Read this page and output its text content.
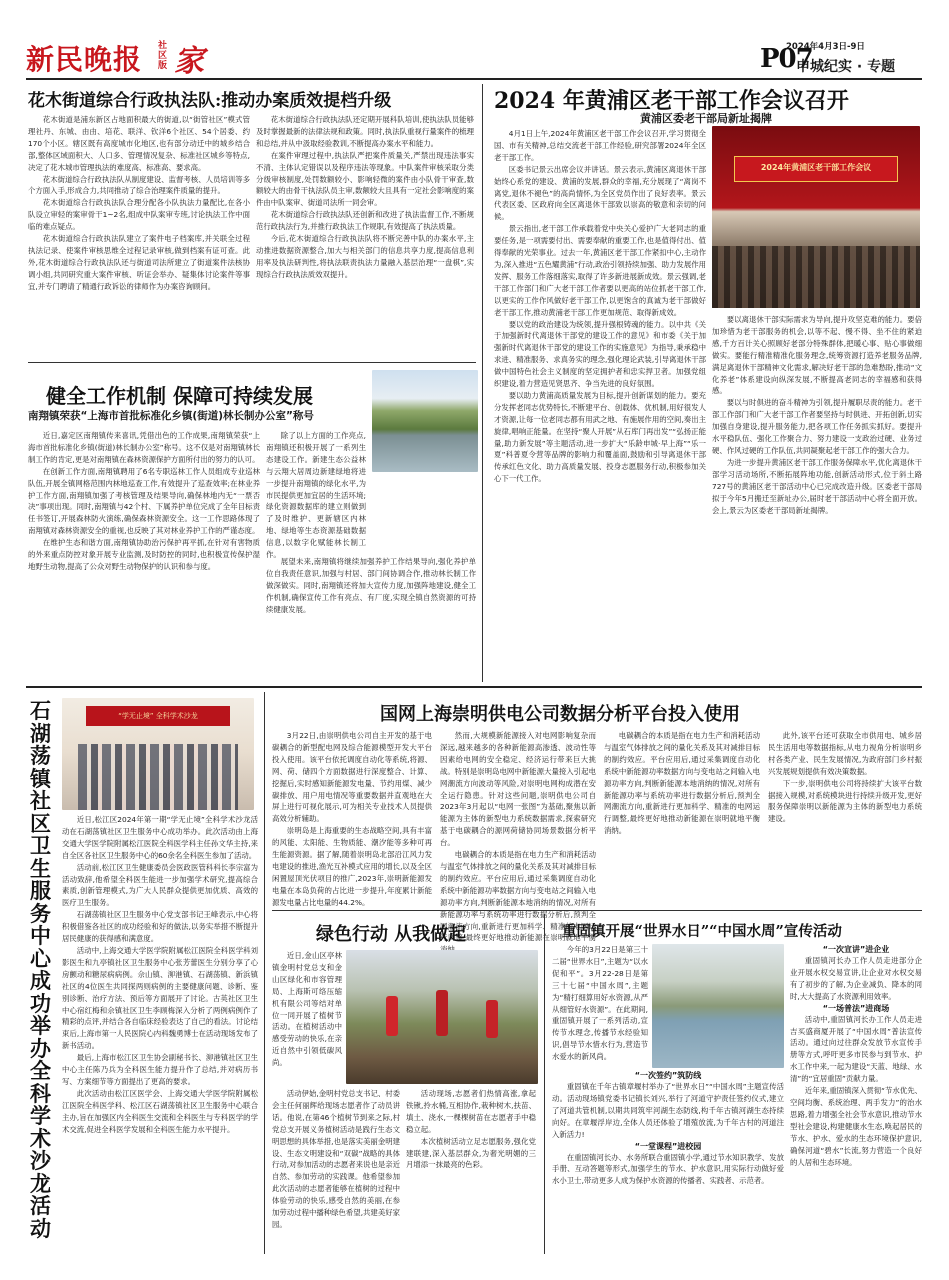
新民晚报 社区版 家	2024年4月3日-9日
P07
申城纪实 · 专题
花木街道综合行政执法队:推动办案质效提档升级

花木街道是浦东新区占地面积最大的街道,以“街管社区”模式管理社丹、东城、由由、培花、联洋、钦洋6个社区、54个居委、约170个小区。辖区既有高度城市化地区,也有部分动迁中的城乡结合部,整体区域面积大、人口多、管理情况复杂、标准社区城乡等特点,决定了花木城市管理执法的难度高、标准高、要求高。

花木街道综合行政执法队从制度建设、监督考核、人员培训等多个方面入手,形成合力,共同推动了综合治理案件质量的提升。

花木街道综合行政执法队合理分配各小队执法力量配比,在各小队设立审轻的案审骨干1~2名,组成中队案审专班,讨论执法工作中面临的难点疑点。

花木街道综合行政执法队建立了案件电子档案库,并关联全过程执法记录、使案件审核思维全过程记录审核,做到档案有证可查。此外,花木街道综合行政执法队还与街道司法所建立了街道案件法核协调小组,共同研究重大案件审核、听证会举办、疑集体讨论案件等事宜,并专门聘请了精通行政诉讼的律师作为办案咨询顾问。

花木街道综合行政执法队还定期开展科队培训,使执法队员能够及时掌握最新的法律法规和政策。同时,执法队重视行量案件的梳理和总结,并从中汲取经验教训,不断提高办案水平和能力。

在案件审理过程中,执法队严把案件质量关,严禁出现违法事实不清、主体认定错误以及程序违法等现象。中队案件审核采取分类分级审核制度,处罚数额较小、影响轻微的案件由小队骨干审查,数额较大的由骨干执法队员主审,数额较大且具有一定社会影响度的案件由中队案审、街道司法所一同会审。

花木街道综合行政执法队还创新和改进了执法监督工作,不断规范行政执法行为,并推行政执法工作规职,有效提高了执法质量。

今后,花木街道综合行政执法队将不断完善中队的办案水平,主动推进数据资源整合,加大与相关部门的信息共享力度,提高信息利用率及执法研判性,将执法联责执法力量融入基层治理“一盘棋”,实现综合行政执法质效双提升。

2024 年黄浦区老干部工作会议召开
黄浦区委老干部局新址揭牌
2024年黄浦区老干部工作会议

4月1日上午,2024年黄浦区老干部工作会议召开,学习贯彻全国、市有关精神,总结交流老干部工作经验,研究部署2024年全区老干部工作。

区委书记景云出席会议并讲话。景云表示,黄浦区离退休干部始终心系党的建设、黄浦的发展,群众的幸福,充分展现了“离岗不离党,退休不褪色”的高尚情怀,为全区党员作出了良好表率。景云代表区委、区政府向全区离退休干部致以崇高的敬意和亲切的问候。

景云指出,老干部工作承载着党中央关心爱护广大老同志的重要任务,是一项需要付出、需要奉献的重要工作,也是值得付出、值得奉献的光荣事业。过去一年,黄浦区老干部工作紧扣中心,主动作为,深入推进“五色耀黄浦”行动,政治引领持续加强、助力发展作用发挥、服务工作落细落实,取得了许多新进展新成效。景云强调,老干部工作部门和广大老干部工作者要以更高的站位抓老干部工作,以更实的工作作风做好老干部工作,以更饱含的真诚为老干部做好老干部工作,推动黄浦老干部工作更加规范、取得新成效。

要以党的政治建设为统领,提升强根铸魂的能力。以中共《关于加强新时代离退休干部党的建设工作的意见》和市委《关于加强新时代离退休干部党的建设工作的实施意见》为指导,秉承稳中求进、精准服务、求真务实的理念,强化理论武装,引导离退休干部做中国特色社会主义制度的坚定拥护者和忠实捍卫者。加强党组织建设,着力营造见贤思齐、争当先进的良好氛围。

要以助力黄浦高质量发展为目标,提升创新谋划的能力。要充分发挥老同志优势特长,不断建平台、创载体、优机制,用好很发人才资源,让每一位老同志都有用武之地、有施展作用的空间,奏出主旋律,唱响正能量。在坚持“聚人开展”从石库门再出发”“弘扬正能量,助力新发展”等主题活动,进一步扩大“乐龄申城·早上海”“乐一夏”科普夏令营等品牌的影响力和覆盖面,鼓励和引导离退休干部传承红色文化、助力高质量发展、投身志愿服务行动,积极参加关心下一代工作。

要以离退休干部实际需求为导向,提升攻坚克难的能力。要倍加珍惜为老干部服务的机会,以等不起、慢不得、坐不住的紧迫感,千方百计关心照顾好老部分特殊群体,把暖心事、贴心事做细做实。要能行精准精准化服务理念,统筹资源打造养老服务品牌,满足离退休干部精神文化需求,解决好老干部的急难愁盼,推动“文化养老”体系建设向纵深发展,不断提高老同志的幸福感和获得感。

要以与时俱进的奋斗精神为引领,提升履职尽责的能力。老干部工作部门和广大老干部工作者要坚持与时俱进、开拓创新,切实加强自身建设,提升服务能力,把各项工作任务抓实抓好。要提升水平稳队伍、强化工作聚合力、努力建设一支政治过硬、业务过硬、作风过硬的工作队伍,共同凝聚起老干部工作的强大合力。

为进一步提升黄浦区老干部工作服务保障水平,优化离退休干部学习活动场所,不断拓展阵地功能,创新活动形式,位于斜土路727号的黄浦区老干部活动中心已完成改造升级。区委老干部局拟于今年5月搬迁至新址办公,届时老干部活动中心将全面开放。会上,景云为区委老干部局新址揭牌。

健全工作机制 保障可持续发展
南翔镇荣获“上海市首批标准化乡镇(街道)林长制办公室”称号

近日,嘉定区南翔镇传来喜讯,凭借出色的工作成果,南翔镇荣获“上海市首批标准化乡镇(街道)林长制办公室”称号。这不仅是对南翔镇林长制工作的肯定,更是对南翔镇在森林资源保护方面所付出的努力的认可。

在创新工作方面,南翔镇聘用了6名专职巡林工作人员组成专业巡林队伍,开展全镇网格范围内林地巡查工作,有效提升了巡查效率;在林业养护工作方面,南翔镇加强了考核管理及结果导向,确保林地内无“一票否决”事项出现。同时,南翔镇与42个村、下属养护单位完成了全年目标责任书签订,开展森林防火演练,确保森林资源安全。这一工作思路体现了南翔镇对森林资源安全的重视,也反映了其对林业养护工作的严谨态度。

在维护生态和谐方面,南翔镇协助治污保护再平抓,在针对有害物质的外来重点防控对象开展专业监测,及时防控的同时,也积极宣传保护湿地野生动物,提高了公众对野生动物保护的认识和参与度。

除了以上方面的工作亮点,南翔镇还积极开展了一系列生态建设工作。新建生态公益林与云翔大居周边新建绿地将进一步提升南翔镇的绿化水平,为市民提供更加宜居的生活环境;绿化资源数据库的建立则做到了及时维护、更新辖区内林地、绿地等生态资源基础数据信息,以数字化赋能林长制工作。

展望未来,南翔镇将继续加强养护工作结果导向,强化养护单位自我责任意识,加强与村居、部门间协调合作,推动林长制工作做深做实。同时,南翔镇还将加大宣传力度,加强阵地建设,健全工作机制,确保宣传工作有亮点、有厂度,实现全镇自然资源的可持续健康发展。

“学无止境” 全科学术沙龙
石湖荡镇社区卫生服务中心成功举办全科学术沙龙活动

近日,松江区2024年第一期“学无止境”全科学术沙龙活动在石湖荡镇社区卫生服务中心成功举办。此次活动由上海交通大学医学院附属松江医院全科医学科主任孙文华主持,来自全区各社区卫生服务中心的60余名全科医生参加了活动。

活动前,松江区卫生健康委员会医政医管科科长李宗富为活动致辞,他希望全科医生能进一步加强学术研究,提高综合素质,创新管理模式,为广大人民群众提供更加优质、高效的医疗卫生服务。

石湖荡镇社区卫生服务中心党支部书记王峰表示,中心将积极借鉴各社区的成功经验和好的做法,以务实举措不断提升居民健康的获得感和满意度。

活动中,上海交通大学医学院附属松江医院全科医学科刘影医生和九亭镇社区卫生服务中心张芳蕾医生分别分享了心房颤动和糖尿病病例。佘山镇、泖港镇、石湖荡镇、新浜镇社区的4位医生共同探两则病例的主要健康问题、诊断、鉴别诊断、治疗方法、预后等方面展开了讨论。古英社区卫生中心宿红梅和佘镇社区卫生李顾梅深入分析了两例病例作了精彩的点评,并结合各自临床经验表达了自己的看法。讨论结束后,上海市第一人民医院心内科魏勇博士在活动现场发布了新书活动。

最后,上海市松江区卫生协会副秘书长、泖港镇社区卫生中心主任陈乃兵为全科医生能力提升作了总结,并对病历书写、方案细节等方面提出了更高的要求。

此次活动由松江区医学会、上海交通大学医学院附属松江医院全科医学科、松江区石湖荡镇社区卫生服务中心联合主办,旨在加强区内全科医生交流和全科医生与专科医学的学术交流,促进全科医学发展和全科医生能力水平提升。

国网上海崇明供电公司数据分析平台投入使用

3月22日,由崇明供电公司自主开发的基于电碳耦合的新型配电网及综合能源模型开发大平台投入使用。该平台依托调度自动化等系统,将源、网、荷、储四个方面数据进行深度整合、计算、挖掘后,实时感知新能源发电量、节约用煤、减少碳排放、用户用电情况等重要数据并直观地在大屏上进行可视化展示,可为相关专业技术人员提供高效分析辅助。

崇明岛是上海重要的生态战略空间,具有丰富的风能、太阳能、生物质能、潮汐能等多种可再生能源资源。据了解,随着崇明岛北部沿江风力发电建设的推进,渔光互补模式应用的增长,以及全区闲置屋顶光伏项目的推广,2023年,崇明新能源发电量在本岛负荷的占比进一步提升,年度累计新能源发电量占比电量的44.2%。

然而,大规模新能源接入对电网影响复杂而深远,越来越多的各种新能源高渗透、波动性等因素给电网的安全稳定、经济运行带来巨大挑战。特别是崇明岛电网中新能源大量接入引起电网潮流方向波动等风险,对崇明电网构成潜在安全运行隐患。针对这些问题,崇明供电公司自2023年3月起以“电网一张图”为基础,聚焦以新能源为主体的新型电力系统数据需求,探索研究基于电碳耦合的源网荷储协同场景数据分析平台。

电碳耦合的本质是指在电力生产和消耗活动与温室气体排放之间的量化关系及其对减排目标的制约效应。平台应用后,通过采集调度自动化系统中新能源功率数据方向与变电站之间输入电源功率方向,判断新能源本地消纳的情况,对所有新能源功率与系统功率进行数据分析后,预判全网潮流方向,重新进行更加科学、精准的电网运行调整,最终更好地推动新能源在崇明就地平衡

电碳耦合的本质是指在电力生产和消耗活动与温室气体排放之间的量化关系及其对减排目标的制约效应。平台应用后,通过采集调度自动化系统中新能源功率数据方向与变电站之间输入电源功率方向,判断新能源本地消纳的情况,对所有新能源功率与系统功率进行数据分析后,预判全网潮流方向,重新进行更加科学、精准的电网运行调整,最终更好地推动新能源在崇明就地平衡消纳。

此外,该平台还可获取全市供用电、城乡居民生活用电等数据指标,从电力视角分析崇明乡村各类产业、民生发展情况,为政府部门乡村振兴发展规划提供有效决策数据。

下一步,崇明供电公司将持续扩大该平台数据接入规模,对系统模块进行持续升级开发,更好服务保障崇明以新能源为主体的新型电力系统建设。

绿色行动 从我做起

近日,金山区亭林镇金明村党总支和金山区绿化和市容管理局、上海斯可络压缩机有限公司等结对单位一同开展了植树节活动。在植树活动中感受劳动的快乐,在亲近自然中引领低碳风尚。

活动伊始,金明村党总支书记、村委会主任何丽辉给现场志愿者作了动员讲话。他说,在第46个植树节到来之际,村党总支开展义务植树活动是践行生态文明思想的具体举措,也是落实美丽金明建设、生态文明建设和“双碳”战略的具体行动,对参加活动的志愿者来说也是亲近自然、参加劳动的实践课。他希望参加此次活动的志愿者能够在植树的过程中体验劳动的快乐,感受自然的美丽,在参加劳动过程中播种绿色希望,共建美好家园。

活动现场,志愿者们热情高涨,拿起铁锹,拎水桶,互相协作,栽种树木,扶苗、填土、浇水,一棵棵树苗在志愿者手中稳稳立起。

本次植树活动立足志愿服务,强化党建联建,深入基层群众,为奢光明媚的三月增添一抹最亮的色彩。

重固镇开展“世界水日”“中国水周”宣传活动

今年的3月22日是第三十二届“世界水日”,主题为“以水促和平”。3月22-28日是第三十七届“中国水周”,主题为“精打细算用好水资源,从严从细管好水资源”。在此期间,重固镇开展了一系列活动,宣传节水理念,传播节水经验知识,倡导节水惜水行为,营造节水爱水的新风尚。

“一次签约”筑防线

重固镇在千年古镇章堰村举办了“世界水日”“中国水周”主题宣传活动。活动现场镇党委书记镇长刘兴,举行了河道守护责任签约仪式,建立了河道共管机制,以期共同筑牢河湖生态防线,构千年古镇河湖生态持续向好。在章堰浮岸边,全体人员还体验了增殖放流,为千年古村的河道注入新活力!

“一堂课程”进校园

在重固镇河长办、水务所联合重固镇小学,通过节水知识教学、发放手册、互动答题等形式,加强学生的节水、护水意识,用实际行动做好爱水小卫士,带动更多人成为保护水资源的传播者、实践者、示范者。

“一次宣讲”进企业

重固镇河长办工作人员走进部分企业开展水权交易宣讲,让企业对水权交易有了初步的了解,为企业减负、降本的同时,大大提高了水资源利用效率。

“一场普法”进商场

活动中,重固镇河长办工作人员走进吉买盛商厦开展了“中国水周”普法宣传活动。通过向过往群众发放节水宣传手册等方式,呼吁更多市民参与到节水、护水工作中来,一起为建设“天蓝、地绿、水清”的“宜居重固”贡献力量。

近年来,重固镇深入贯彻“节水优先、空间均衡、系统治理、两手发力”的治水思路,着力增强全社会节水意识,推动节水型社会建设,构建健康水生态,唤起居民的节水、护水、爱水的生态环境保护意识,确保河道“碧水”长流,努力营造一个良好的人居和生态环境。
